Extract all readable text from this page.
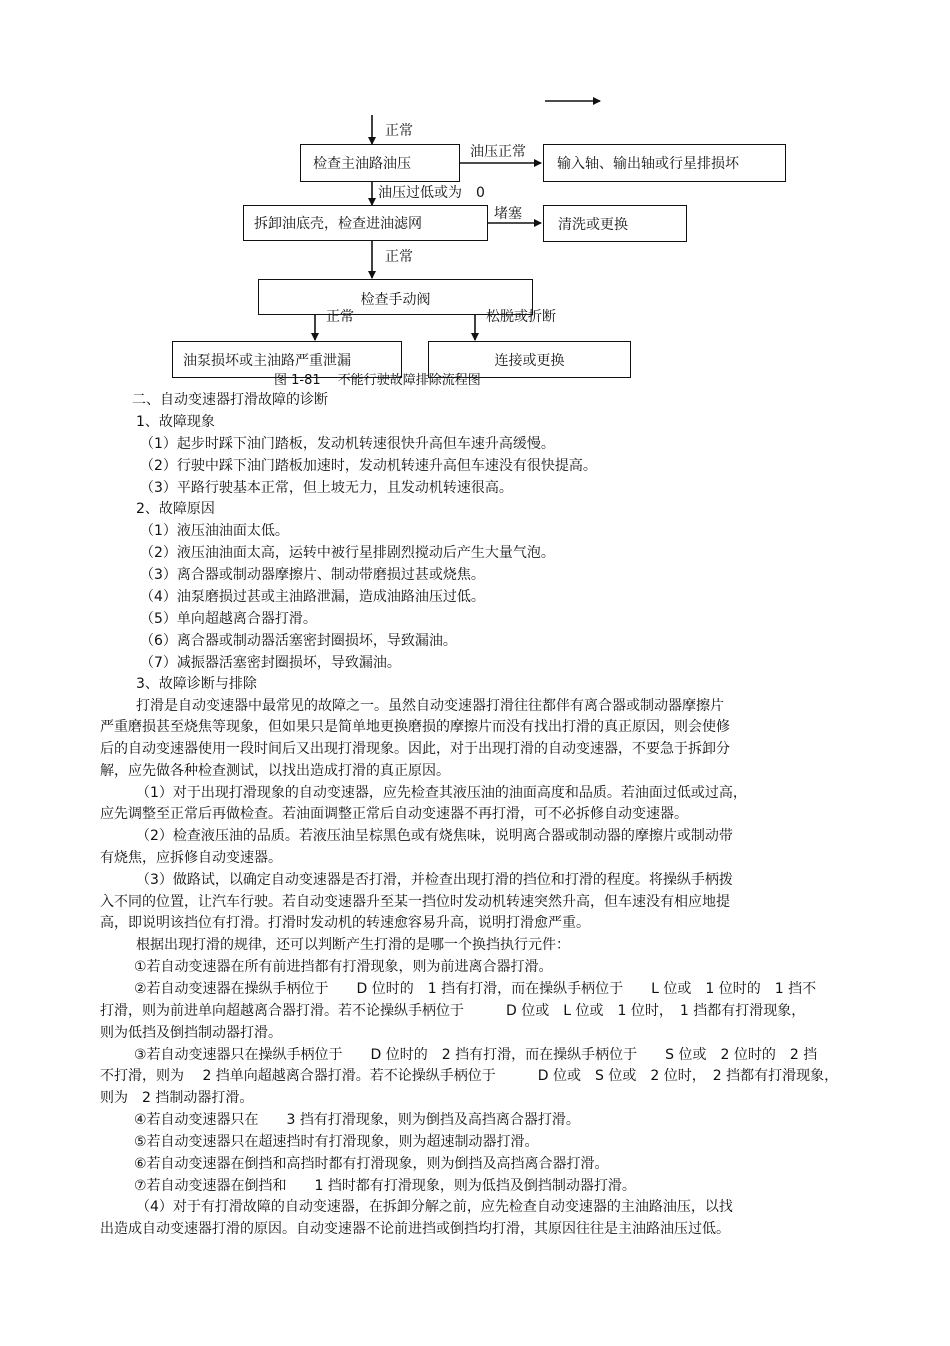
检查主油路油压	输入轴、输出轴或行星排损坏
拆卸油底壳，检查进油滤网	清洗或更换
检查手动阀
油泵损坏或主油路严重泄漏	连接或更换
正常
油压正常
油压过低或为　0
堵塞
正常
正常	松脱或折断
图 1-81　 不能行驶故障排除流程图
二、自动变速器打滑故障的诊断
1、故障现象
（1）起步时踩下油门踏板，发动机转速很快升高但车速升高缓慢。
（2）行驶中踩下油门踏板加速时，发动机转速升高但车速没有很快提高。
（3）平路行驶基本正常，但上坡无力，且发动机转速很高。
2、故障原因
（1）液压油油面太低。
（2）液压油油面太高，运转中被行星排剧烈搅动后产生大量气泡。
（3）离合器或制动器摩擦片、制动带磨损过甚或烧焦。
（4）油泵磨损过甚或主油路泄漏，造成油路油压过低。
（5）单向超越离合器打滑。
（6）离合器或制动器活塞密封圈损坏，导致漏油。
（7）减振器活塞密封圈损坏，导致漏油。
3、故障诊断与排除
打滑是自动变速器中最常见的故障之一。虽然自动变速器打滑往往都伴有离合器或制动器摩擦片
严重磨损甚至烧焦等现象，但如果只是简单地更换磨损的摩擦片而没有找出打滑的真正原因，则会使修
后的自动变速器使用一段时间后又出现打滑现象。因此，对于出现打滑的自动变速器，不要急于拆卸分
解，应先做各种检查测试，以找出造成打滑的真正原因。
（1）对于出现打滑现象的自动变速器，应先检查其液压油的油面高度和品质。若油面过低或过高，
应先调整至正常后再做检查。若油面调整正常后自动变速器不再打滑，可不必拆修自动变速器。
（2）检查液压油的品质。若液压油呈棕黑色或有烧焦味，说明离合器或制动器的摩擦片或制动带
有烧焦，应拆修自动变速器。
（3）做路试，以确定自动变速器是否打滑，并检查出现打滑的挡位和打滑的程度。将操纵手柄拨
入不同的位置，让汽车行驶。若自动变速器升至某一挡位时发动机转速突然升高，但车速没有相应地提
高，即说明该挡位有打滑。打滑时发动机的转速愈容易升高，说明打滑愈严重。
根据出现打滑的规律，还可以判断产生打滑的是哪一个换挡执行元件：
①若自动变速器在所有前进挡都有打滑现象，则为前进离合器打滑。
②若自动变速器在操纵手柄位于　　D 位时的　1 挡有打滑，而在操纵手柄位于　　L 位或　1 位时的　1 挡不
打滑，则为前进单向超越离合器打滑。若不论操纵手柄位于　　　D 位或　L 位或　1 位时，　1 挡都有打滑现象，
则为低挡及倒挡制动器打滑。
③若自动变速器只在操纵手柄位于　　D 位时的　2 挡有打滑，而在操纵手柄位于　　S 位或　2 位时的　2 挡
不打滑，则为　 2 挡单向超越离合器打滑。若不论操纵手柄位于　　　D 位或　S 位或　2 位时，　2 挡都有打滑现象，
则为　2 挡制动器打滑。
④若自动变速器只在　　3 挡有打滑现象，则为倒挡及高挡离合器打滑。
⑤若自动变速器只在超速挡时有打滑现象，则为超速制动器打滑。
⑥若自动变速器在倒挡和高挡时都有打滑现象，则为倒挡及高挡离合器打滑。
⑦若自动变速器在倒挡和　　1 挡时都有打滑现象，则为低挡及倒挡制动器打滑。
（4）对于有打滑故障的自动变速器，在拆卸分解之前，应先检查自动变速器的主油路油压，以找
出造成自动变速器打滑的原因。自动变速器不论前进挡或倒挡均打滑，其原因往往是主油路油压过低。
